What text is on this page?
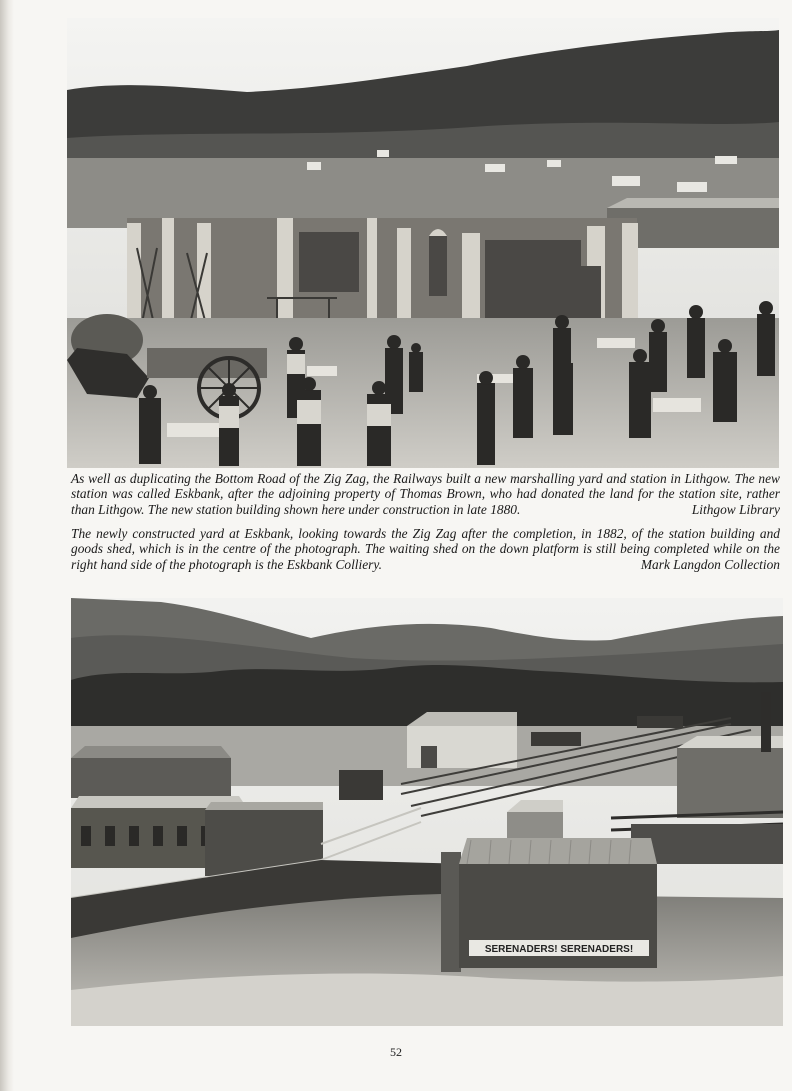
As well as duplicating the Bottom Road of the Zig Zag, the Railways built a new marshalling yard and station in Lithgow. The new station was called Eskbank, after the adjoining property of Thomas Brown, who had donated the land for the station site, rather than Lithgow. The new station building shown here under construction in late 1880.	Lithgow Library

The newly constructed yard at Eskbank, looking towards the Zig Zag after the completion, in 1882, of the station building and goods shed, which is in the centre of the photograph. The waiting shed on the down platform is still being completed while on the right hand side of the photograph is the Eskbank Colliery.	Mark Langdon Collection

SERENADERS! SERENADERS!
52
